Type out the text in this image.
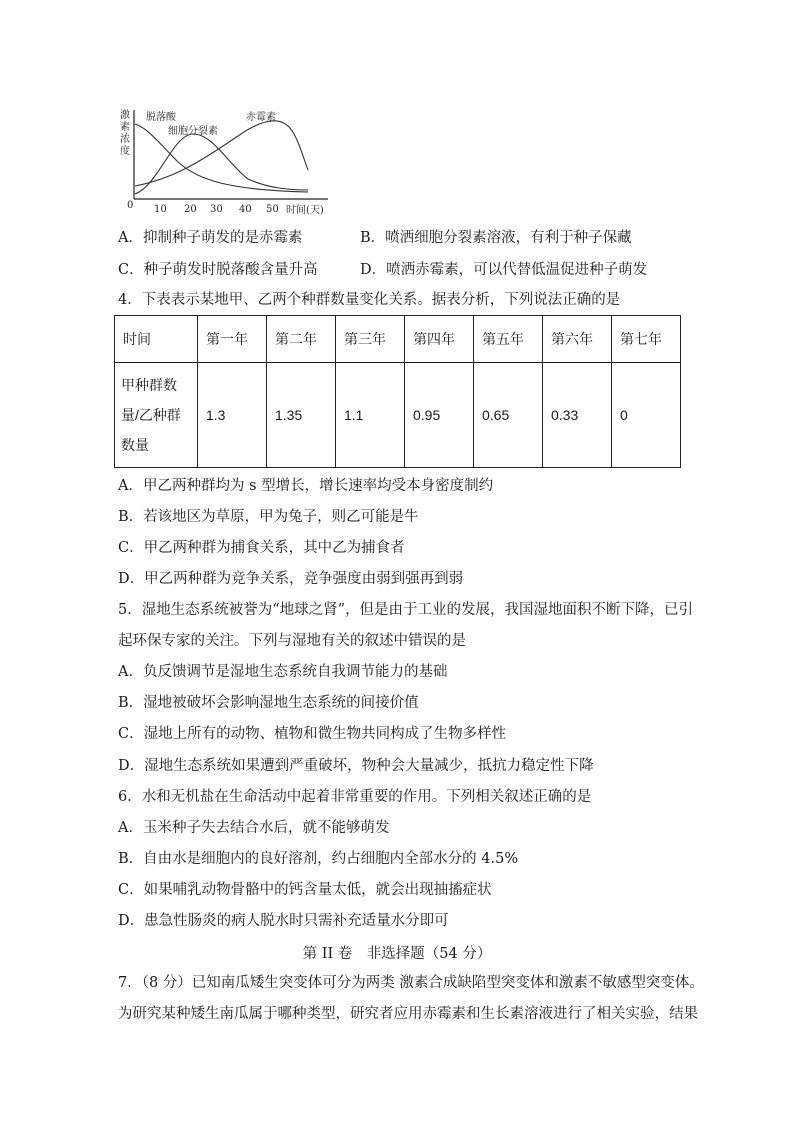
激
素
浓
度
脱落酸
细胞分裂素
赤霉素
0 10 20 30 40 50 时间(天)
A．抑制种子萌发的是赤霉素	B．喷洒细胞分裂素溶液，有利于种子保藏
C．种子萌发时脱落酸含量升高	D．喷洒赤霉素，可以代替低温促进种子萌发
4．下表表示某地甲、乙两个种群数量变化关系。据表分析，下列说法正确的是
时间	第一年	第二年	第三年	第四年	第五年	第六年	第七年

甲种群数
量/乙种群
数量	1.3	1.35	1.1	0.95	0.65	0.33	0
A．甲乙两种群均为 s 型增长，增长速率均受本身密度制约
B．若该地区为草原，甲为兔子，则乙可能是牛
C．甲乙两种群为捕食关系，其中乙为捕食者
D．甲乙两种群为竞争关系，竞争强度由弱到强再到弱
5．湿地生态系统被誉为“地球之肾”，但是由于工业的发展，我国湿地面积不断下降，已引
起环保专家的关注。下列与湿地有关的叙述中错误的是
A．负反馈调节是湿地生态系统自我调节能力的基础
B．湿地被破坏会影响湿地生态系统的间接价值
C．湿地上所有的动物、植物和微生物共同构成了生物多样性
D．湿地生态系统如果遭到严重破坏，物种会大量减少，抵抗力稳定性下降
6．水和无机盐在生命活动中起着非常重要的作用。下列相关叙述正确的是
A．玉米种子失去结合水后，就不能够萌发
B．自由水是细胞内的良好溶剂，约占细胞内全部水分的 4.5%
C．如果哺乳动物骨骼中的钙含量太低，就会出现抽搐症状
D．患急性肠炎的病人脱水时只需补充适量水分即可
第 II 卷　非选择题（54 分）
7．（8 分）已知南瓜矮生突变体可分为两类 激素合成缺陷型突变体和激素不敏感型突变体。
为研究某种矮生南瓜属于哪种类型，研究者应用赤霉素和生长素溶液进行了相关实验，结果
